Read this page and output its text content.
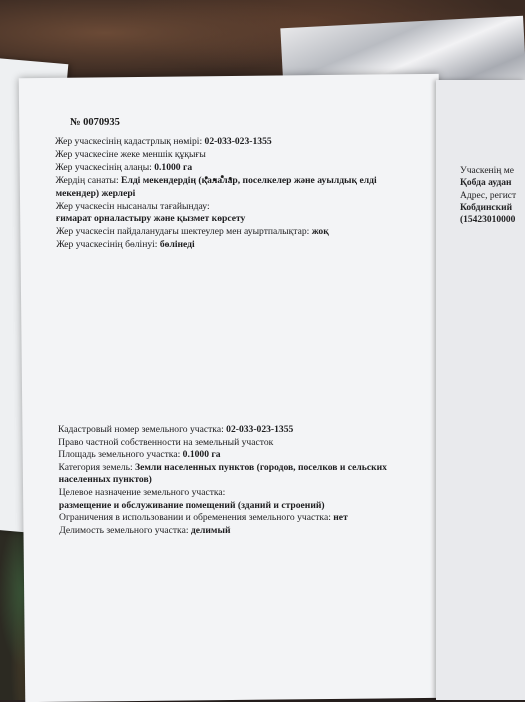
Учаскенің ме
Қобда аудан
Адрес, регист
Кобдинский
(15423010000
№ 0070935
Жер учаскесінің кадастрлық нөмірі: 02-033-023-1355
Жер учаскесіне жеке меншік құқығы
Жер учаскесінің алаңы: 0.1000 га
Жердің санаты: Елді мекендердің (қалалар, поселкелер және ауылдық елді
мекендер) жерлері
Жер учаскесін нысаналы тағайындау:
ғимарат орналастыру және қызмет көрсету
Жер учаскесін пайдаланудағы шектеулер мен ауыртпалықтар: жоқ
Жер учаскесінің бөлінуі: бөлінеді
Кадастровый номер земельного участка: 02-033-023-1355
Право частной собственности на земельный участок
Площадь земельного участка: 0.1000 га
Категория земель: Земли населенных пунктов (городов, поселков и сельских
населенных пунктов)
Целевое назначение земельного участка:
размещение и обслуживание помещений (зданий и строений)
Ограничения в использовании и обременения земельного участка: нет
Делимость земельного участка: делимый
